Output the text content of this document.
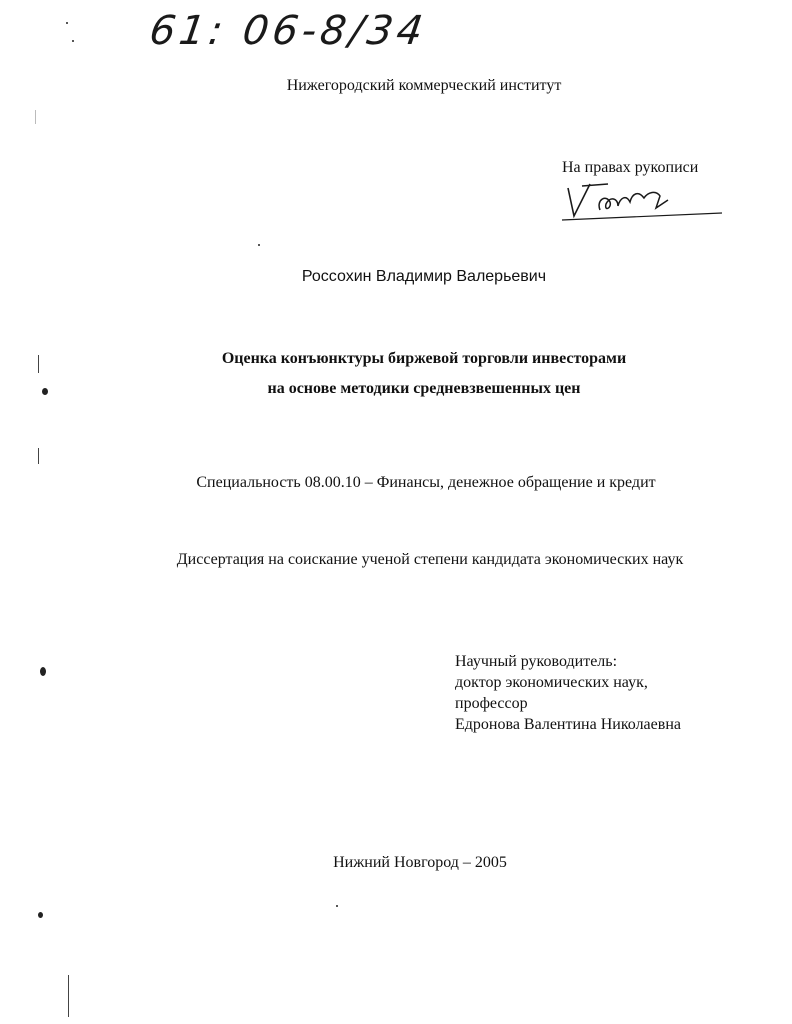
61: 06-8/34
Нижегородский коммерческий институт
На правах рукописи
Россохин Владимир Валерьевич
Оценка конъюнктуры биржевой торговли инвесторами
на основе методики средневзвешенных цен
Специальность 08.00.10 – Финансы, денежное обращение и кредит
Диссертация на соискание ученой степени кандидата экономических наук
Научный руководитель:
доктор экономических наук,
профессор
Едронова Валентина Николаевна
Нижний Новгород – 2005
